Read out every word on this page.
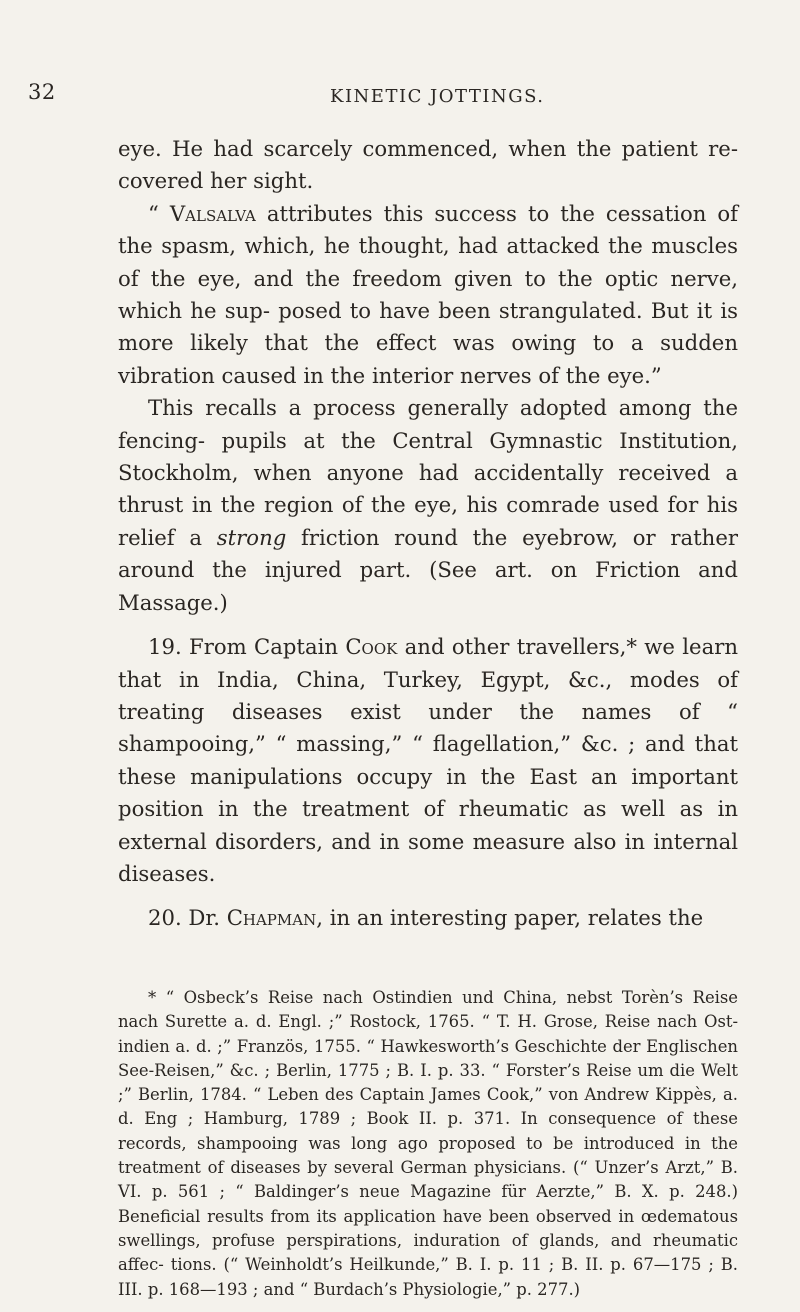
32	KINETIC JOTTINGS.

eye. He had scarcely commenced, when the patient re- covered her sight.

“ Valsalva attributes this success to the cessation of the spasm, which, he thought, had attacked the muscles of the eye, and the freedom given to the optic nerve, which he sup- posed to have been strangulated. But it is more likely that the effect was owing to a sudden vibration caused in the interior nerves of the eye.”

This recalls a process generally adopted among the fencing- pupils at the Central Gymnastic Institution, Stockholm, when anyone had accidentally received a thrust in the region of the eye, his comrade used for his relief a strong friction round the eyebrow, or rather around the injured part. (See art. on Friction and Massage.)

19. From Captain Cook and other travellers,* we learn that in India, China, Turkey, Egypt, &c., modes of treating diseases exist under the names of “ shampooing,” “ massing,” “ flagellation,” &c. ; and that these manipulations occupy in the East an important position in the treatment of rheumatic as well as in external disorders, and in some measure also in internal diseases.

20. Dr. Chapman, in an interesting paper, relates the

* “ Osbeck’s Reise nach Ostindien und China, nebst Torèn’s Reise nach Surette a. d. Engl. ;” Rostock, 1765. “ T. H. Grose, Reise nach Ost- indien a. d. ;” Französ, 1755. “ Hawkesworth’s Geschichte der Englischen See-Reisen,” &c. ; Berlin, 1775 ; B. I. p. 33. “ Forster’s Reise um die Welt ;” Berlin, 1784. “ Leben des Captain James Cook,” von Andrew Kippès, a. d. Eng ; Hamburg, 1789 ; Book II. p. 371. In consequence of these records, shampooing was long ago proposed to be introduced in the treatment of diseases by several German physicians. (“ Unzer’s Arzt,” B. VI. p. 561 ; “ Baldinger’s neue Magazine für Aerzte,” B. X. p. 248.) Beneficial results from its application have been observed in œdematous swellings, profuse perspirations, induration of glands, and rheumatic affec- tions. (“ Weinholdt’s Heilkunde,” B. I. p. 11 ; B. II. p. 67—175 ; B. III. p. 168—193 ; and “ Burdach’s Physiologie,” p. 277.)
